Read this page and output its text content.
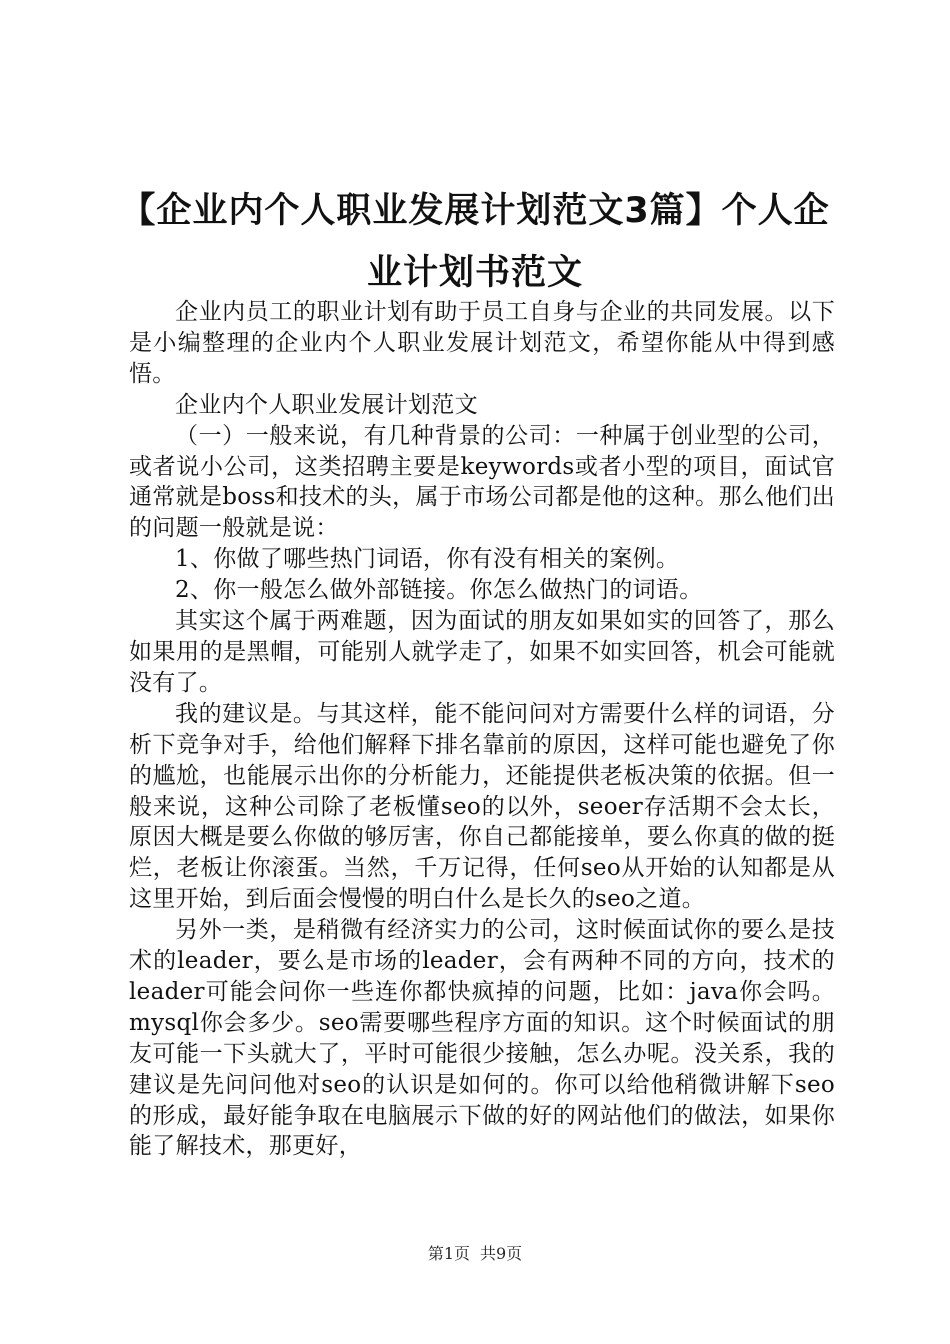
【企业内个人职业发展计划范文3篇】个人企业计划书范文

企业内员工的职业计划有助于员工自身与企业的共同发展。以下是小编整理的企业内个人职业发展计划范文，希望你能从中得到感悟。

企业内个人职业发展计划范文

（一）一般来说，有几种背景的公司：一种属于创业型的公司，或者说小公司，这类招聘主要是keywords或者小型的项目，面试官通常就是boss和技术的头，属于市场公司都是他的这种。那么他们出的问题一般就是说：

1、你做了哪些热门词语，你有没有相关的案例。

2、你一般怎么做外部链接。你怎么做热门的词语。

其实这个属于两难题，因为面试的朋友如果如实的回答了，那么如果用的是黑帽，可能别人就学走了，如果不如实回答，机会可能就没有了。

我的建议是。与其这样，能不能问问对方需要什么样的词语，分析下竞争对手，给他们解释下排名靠前的原因，这样可能也避免了你的尴尬，也能展示出你的分析能力，还能提供老板决策的依据。但一般来说，这种公司除了老板懂seo的以外，seoer存活期不会太长，原因大概是要么你做的够厉害，你自己都能接单，要么你真的做的挺烂，老板让你滚蛋。当然，千万记得，任何seo从开始的认知都是从这里开始，到后面会慢慢的明白什么是长久的seo之道。

另外一类，是稍微有经济实力的公司，这时候面试你的要么是技术的leader，要么是市场的leader，会有两种不同的方向，技术的leader可能会问你一些连你都快疯掉的问题，比如：java你会吗。mysql你会多少。seo需要哪些程序方面的知识。这个时候面试的朋友可能一下头就大了，平时可能很少接触，怎么办呢。没关系，我的建议是先问问他对seo的认识是如何的。你可以给他稍微讲解下seo的形成，最好能争取在电脑展示下做的好的网站他们的做法，如果你能了解技术，那更好，

第1页 共9页
